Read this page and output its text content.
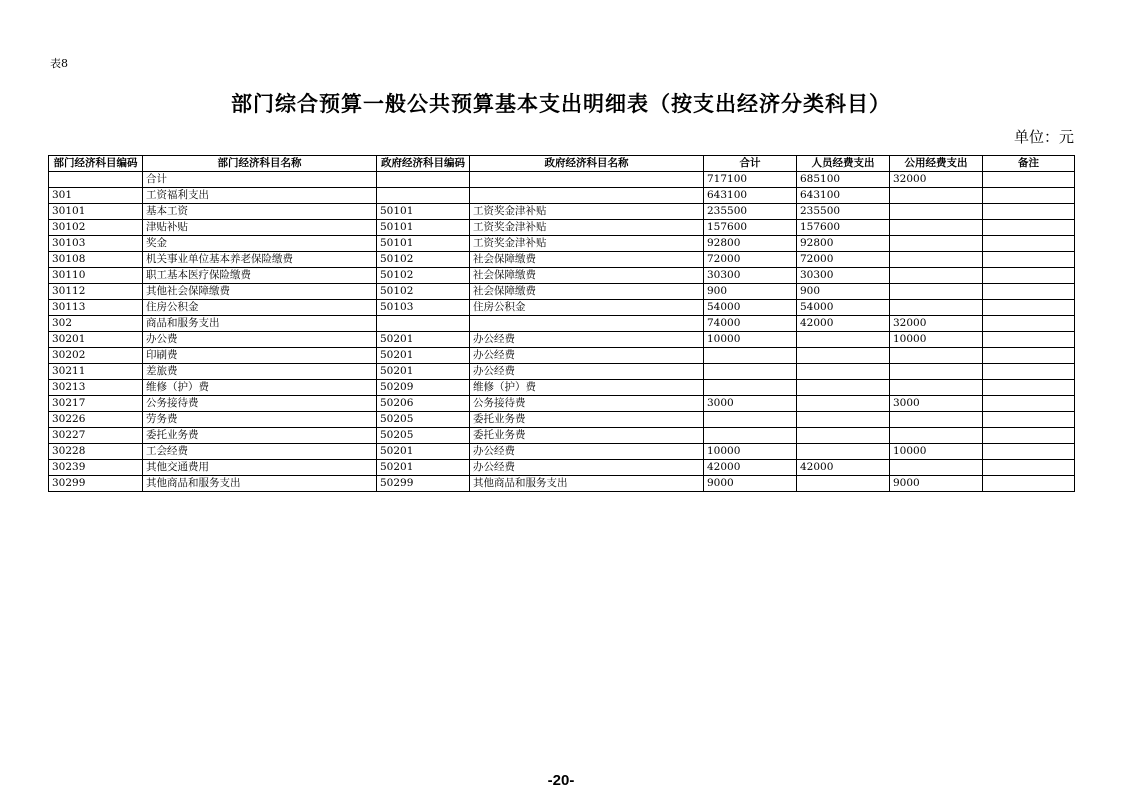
表8
部门综合预算一般公共预算基本支出明细表（按支出经济分类科目）
单位：元
部门经济科目编码	部门经济科目名称	政府经济科目编码	政府经济科目名称	合计	人员经费支出	公用经费支出	备注
	合计			717100	685100	32000	
301	工资福利支出			643100	643100		
30101	基本工资	50101	工资奖金津补贴	235500	235500		
30102	津贴补贴	50101	工资奖金津补贴	157600	157600		
30103	奖金	50101	工资奖金津补贴	92800	92800		
30108	机关事业单位基本养老保险缴费	50102	社会保障缴费	72000	72000		
30110	职工基本医疗保险缴费	50102	社会保障缴费	30300	30300		
30112	其他社会保障缴费	50102	社会保障缴费	900	900		
30113	住房公积金	50103	住房公积金	54000	54000		
302	商品和服务支出			74000	42000	32000	
30201	办公费	50201	办公经费	10000		10000	
30202	印刷费	50201	办公经费				
30211	差旅费	50201	办公经费				
30213	维修（护）费	50209	维修（护）费				
30217	公务接待费	50206	公务接待费	3000		3000	
30226	劳务费	50205	委托业务费				
30227	委托业务费	50205	委托业务费				
30228	工会经费	50201	办公经费	10000		10000	
30239	其他交通费用	50201	办公经费	42000	42000		
30299	其他商品和服务支出	50299	其他商品和服务支出	9000		9000	
-20-
